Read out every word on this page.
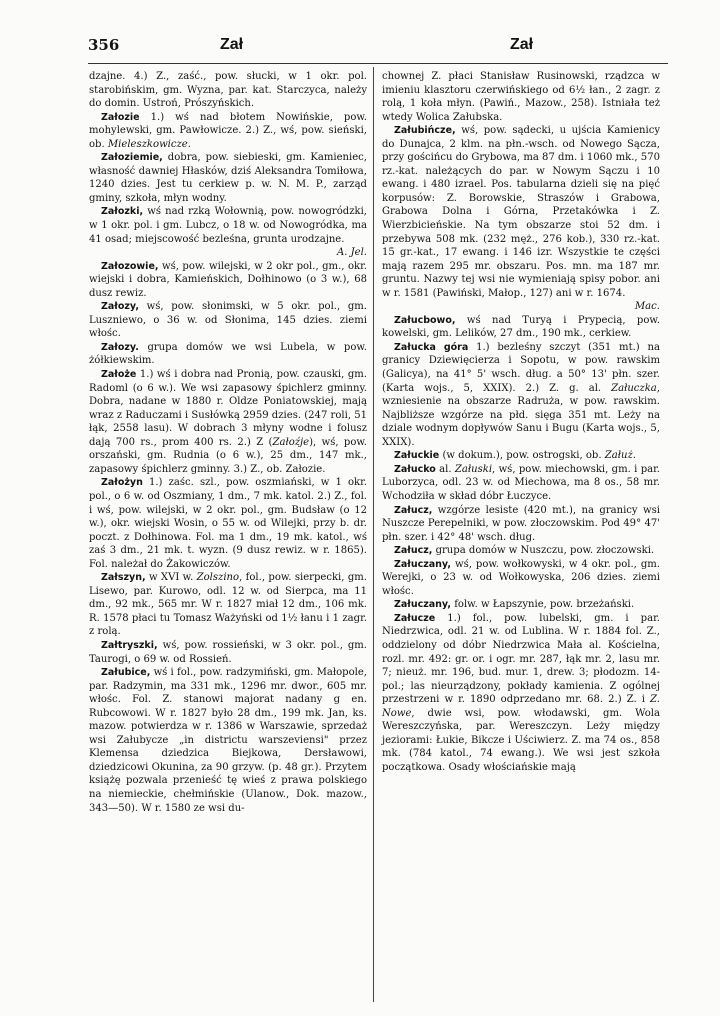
356	Zał	Zał

dzajne. 4.) Z., zaść., pow. słucki, w 1 okr. pol. starobińskim, gm. Wyzna, par. kat. Starczyca, należy do domin. Ustroń, Prószyńskich.

Załozie 1.) wś nad błotem Nowińskie, pow. mohylewski, gm. Pawłowicze. 2.) Z., wś, pow. sieński, ob. Mieleszkowicze.

Załoziemie, dobra, pow. siebieski, gm. Kamieniec, własność dawniej Hłasków, dziś Aleksandra Tomiłowa, 1240 dzies. Jest tu cerkiew p. w. N. M. P., zarząd gminy, szkoła, młyn wodny.

Załozki, wś nad rzką Wołownią, pow. nowogródzki, w 1 okr. pol. i gm. Lubcz, o 18 w. od Nowogródka, ma 41 osad; miejscowość bezleśna, grunta urodzajne.

A. Jel.

Załozowie, wś, pow. wilejski, w 2 okr pol., gm., okr. wiejski i dobra, Kamieńskich, Dołhinowo (o 3 w.), 68 dusz rewiz.

Załozy, wś, pow. słonimski, w 5 okr. pol., gm. Luszniewo, o 36 w. od Słonima, 145 dzies. ziemi włośc.

Załozy. grupa domów we wsi Lubela, w pow. żółkiewskim.

Założe 1.) wś i dobra nad Pronią, pow. czauski, gm. Radoml (o 6 w.). We wsi zapasowy śpichlerz gminny. Dobra, nadane w 1880 r. Oldze Poniatowskiej, mają wraz z Raduczami i Susłówką 2959 dzies. (247 roli, 51 łąk, 2558 lasu). W dobrach 3 młyny wodne i folusz dają 700 rs., prom 400 rs. 2.) Z (Załoźje), wś, pow. orszański, gm. Rudnia (o 6 w.), 25 dm., 147 mk., zapasowy śpichlerz gminny. 3.) Z., ob. Załozie.

Założyn 1.) zaśc. szl., pow. oszmiański, w 1 okr. pol., o 6 w. od Oszmiany, 1 dm., 7 mk. katol. 2.) Z., fol. i wś, pow. wilejski, w 2 okr. pol., gm. Budsław (o 12 w.), okr. wiejski Wosin, o 55 w. od Wilejki, przy b. dr. poczt. z Dołhinowa. Fol. ma 1 dm., 19 mk. katol., wś zaś 3 dm., 21 mk. t. wyzn. (9 dusz rewiz. w r. 1865). Fol. należał do Żakowiczów.

Załszyn, w XVI w. Zolszino, fol., pow. sierpecki, gm. Lisewo, par. Kurowo, odl. 12 w. od Sierpca, ma 11 dm., 92 mk., 565 mr. W r. 1827 miał 12 dm., 106 mk. R. 1578 płaci tu Tomasz Ważyński od 1½ łanu i 1 zagr. z rolą.

Załtryszki, wś, pow. rossieński, w 3 okr. pol., gm. Taurogi, o 69 w. od Rossień.

Załubice, wś i fol., pow. radzymiński, gm. Małopole, par. Radzymin, ma 331 mk., 1296 mr. dwor., 605 mr. włośc. Fol. Z. stanowi majorat nadany g en. Rubcowowi. W r. 1827 było 28 dm., 199 mk. Jan, ks. mazow. potwierdza w r. 1386 w Warszawie, sprzedaż wsi Załubycze „in districtu warszeviensi" przez Klemensa dziedzica Biejkowa, Dersławowi, dziedzicowi Okunina, za 90 grzyw. (p. 48 gr.). Przytem książę pozwala przenieść tę wieś z prawa polskiego na niemieckie, chełmińskie (Ulanow., Dok. mazow., 343—50). W r. 1580 ze wsi du-

chownej Z. płaci Stanisław Rusinowski, rządzca w imieniu klasztoru czerwińskiego od 6½ łan., 2 zagr. z rolą, 1 koła młyn. (Pawiń., Mazow., 258). Istniała też wtedy Wolica Załubska.

Załubińcze, wś, pow. sądecki, u ujścia Kamienicy do Dunajca, 2 klm. na płn.-wsch. od Nowego Sącza, przy gościńcu do Grybowa, ma 87 dm. i 1060 mk., 570 rz.-kat. należących do par. w Nowym Sączu i 10 ewang. i 480 izrael. Pos. tabularna dzieli się na pięć korpusów: Z. Borowskie, Straszów i Grabowa, Grabowa Dolna i Górna, Przetakówka i Z. Wierzbicieńskie. Na tym obszarze stoi 52 dm. i przebywa 508 mk. (232 męż., 276 kob.), 330 rz.-kat. 15 gr.-kat., 17 ewang. i 146 izr. Wszystkie te części mają razem 295 mr. obszaru. Pos. mn. ma 187 mr. gruntu. Nazwy tej wsi nie wymieniają spisy pobor. ani w r. 1581 (Pawiński, Małop., 127) ani w r. 1674.

Mac.

Załucbowo, wś nad Turyą i Prypecią, pow. kowelski, gm. Lelików, 27 dm., 190 mk., cerkiew.

Załucka góra 1.) bezleśny szczyt (351 mt.) na granicy Dziewięcierza i Sopotu, w pow. rawskim (Galicya), na 41° 5' wsch. dług. a 50° 13' płn. szer. (Karta wojs., 5, XXIX). 2.) Z. g. al. Załuczka, wzniesienie na obszarze Radruża, w pow. rawskim. Najbliższe wzgórze na płd. sięga 351 mt. Leży na dziale wodnym dopływów Sanu i Bugu (Karta wojs., 5, XXIX).

Załuckie (w dokum.), pow. ostrogski, ob. Załuż.

Załucko al. Załuski, wś, pow. miechowski, gm. i par. Luborzyca, odl. 23 w. od Miechowa, ma 8 os., 58 mr. Wchodziła w skład dóbr Łuczyce.

Załucz, wzgórze lesiste (420 mt.), na granicy wsi Nuszcze Perepelniki, w pow. złoczowskim. Pod 49° 47' płn. szer. i 42° 48' wsch. dług.

Załucz, grupa domów w Nuszczu, pow. złoczowski.

Załuczany, wś, pow. wołkowyski, w 4 okr. pol., gm. Werejki, o 23 w. od Wołkowyska, 206 dzies. ziemi włośc.

Załuczany, folw. w Łapszynie, pow. brzeżański.

Załucze 1.) fol., pow. lubelski, gm. i par. Niedrzwica, odl. 21 w. od Lublina. W r. 1884 fol. Z., oddzielony od dóbr Niedrzwica Mała al. Kościelna, rozl. mr. 492: gr. or. i ogr. mr. 287, łąk mr. 2, lasu mr. 7; nieuż. mr. 196, bud. mur. 1, drew. 3; płodozm. 14-pol.; las nieurządzony, pokłady kamienia. Z ogólnej przestrzeni w r. 1890 odprzedano mr. 68. 2.) Z. i Z. Nowe, dwie wsi, pow. włodawski, gm. Wola Wereszczyńska, par. Wereszczyn. Leży między jeziorami: Łukie, Bikcze i Uściwierz. Z. ma 74 os., 858 mk. (784 katol., 74 ewang.). We wsi jest szkoła początkowa. Osady włościańskie mają
